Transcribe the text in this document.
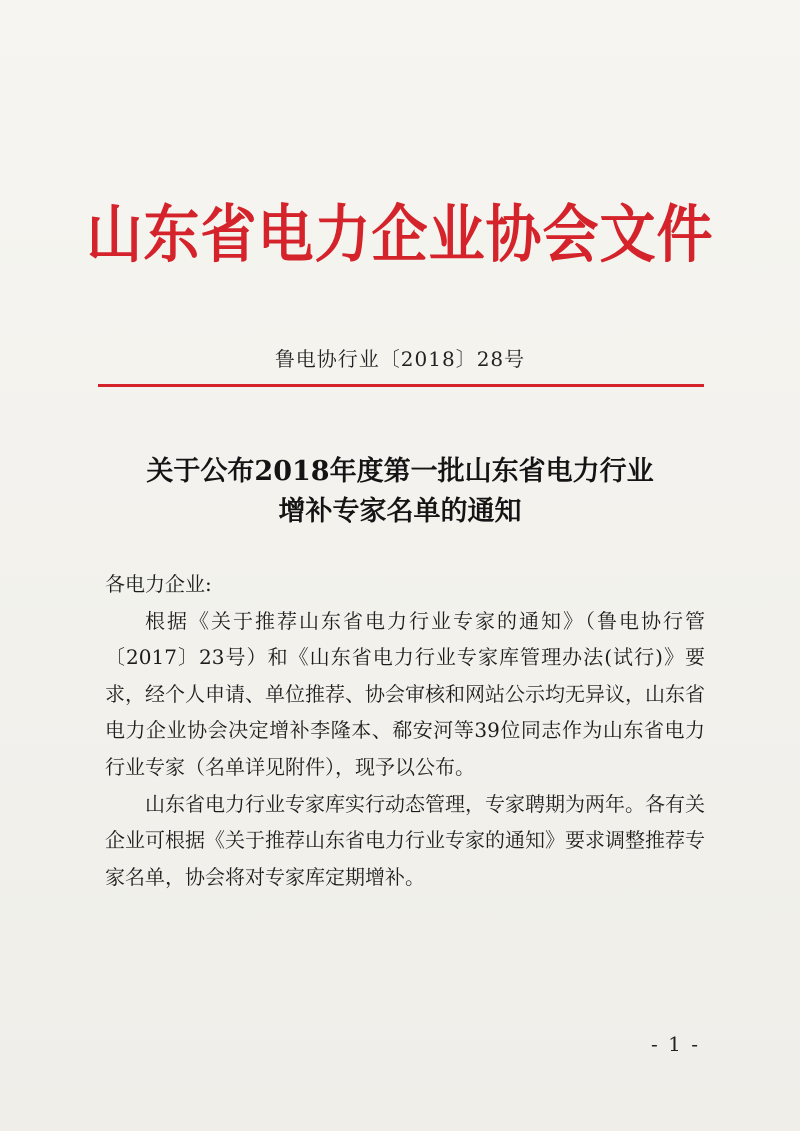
山东省电力企业协会文件
鲁电协行业〔2018〕28号
关于公布2018年度第一批山东省电力行业
增补专家名单的通知

各电力企业:

根据《关于推荐山东省电力行业专家的通知》（鲁电协行管〔2017〕23号）和《山东省电力行业专家库管理办法(试行)》要求，经个人申请、单位推荐、协会审核和网站公示均无异议，山东省电力企业协会决定增补李隆本、郗安河等39位同志作为山东省电力行业专家（名单详见附件），现予以公布。

山东省电力行业专家库实行动态管理，专家聘期为两年。各有关企业可根据《关于推荐山东省电力行业专家的通知》要求调整推荐专家名单，协会将对专家库定期增补。

- 1 -
